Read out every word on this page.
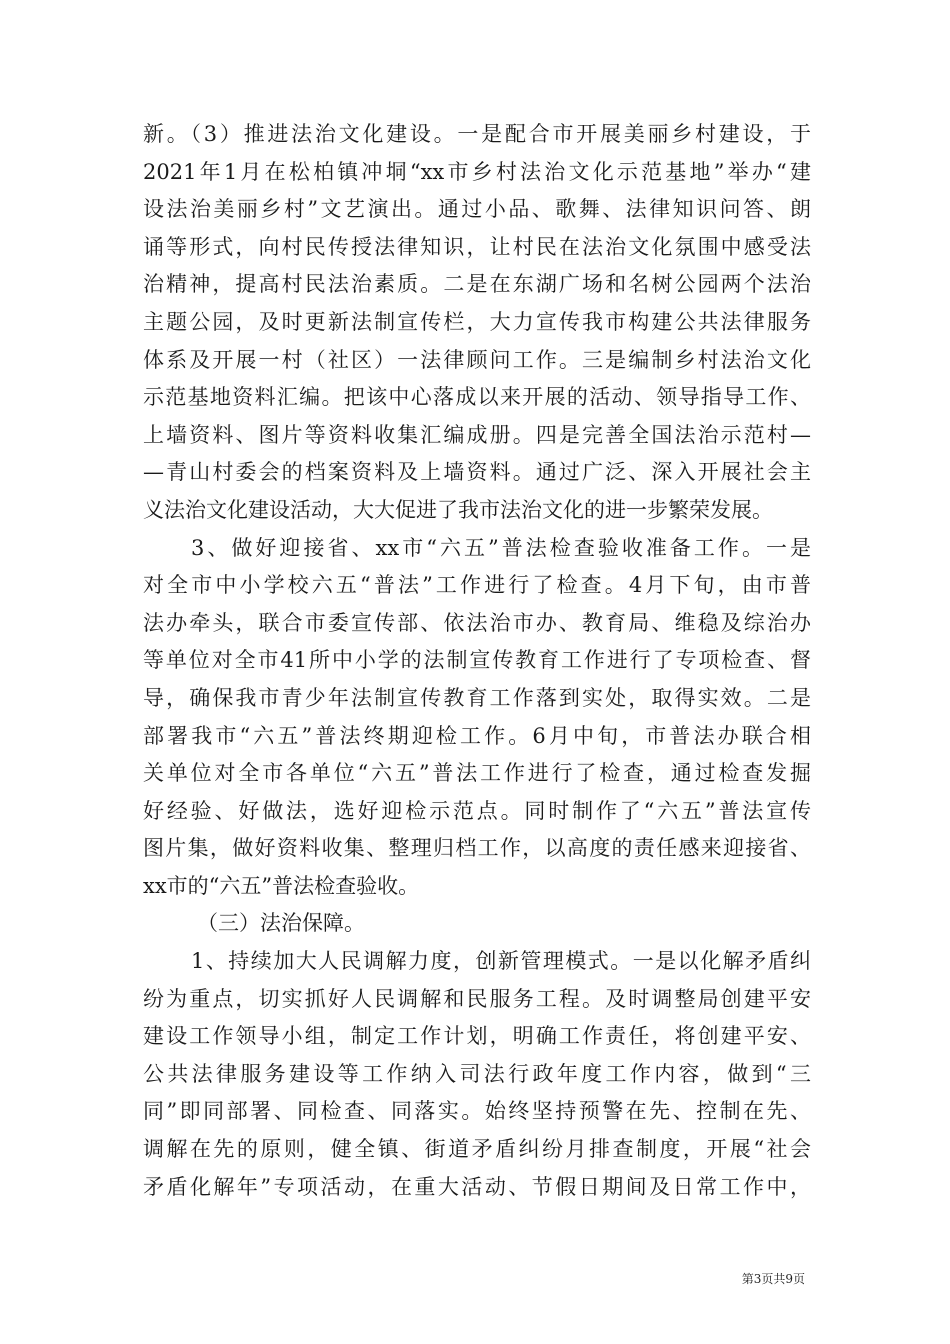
新。（3）推进法治文化建设。一是配合市开展美丽乡村建设，于
2021年1月在松柏镇冲垌“xx市乡村法治文化示范基地”举办“建
设法治美丽乡村”文艺演出。通过小品、歌舞、法律知识问答、朗
诵等形式，向村民传授法律知识，让村民在法治文化氛围中感受法
治精神，提高村民法治素质。二是在东湖广场和名树公园两个法治
主题公园，及时更新法制宣传栏，大力宣传我市构建公共法律服务
体系及开展一村（社区）一法律顾问工作。三是编制乡村法治文化
示范基地资料汇编。把该中心落成以来开展的活动、领导指导工作、
上墙资料、图片等资料收集汇编成册。四是完善全国法治示范村—
—青山村委会的档案资料及上墙资料。通过广泛、深入开展社会主
义法治文化建设活动，大大促进了我市法治文化的进一步繁荣发展。
3、做好迎接省、xx市“六五”普法检查验收准备工作。一是
对全市中小学校六五“普法”工作进行了检查。4月下旬，由市普
法办牵头，联合市委宣传部、依法治市办、教育局、维稳及综治办
等单位对全市41所中小学的法制宣传教育工作进行了专项检查、督
导，确保我市青少年法制宣传教育工作落到实处，取得实效。二是
部署我市“六五”普法终期迎检工作。6月中旬，市普法办联合相
关单位对全市各单位“六五”普法工作进行了检查，通过检查发掘
好经验、好做法，选好迎检示范点。同时制作了“六五”普法宣传
图片集，做好资料收集、整理归档工作，以高度的责任感来迎接省、
xx市的“六五”普法检查验收。
（三）法治保障。
1、持续加大人民调解力度，创新管理模式。一是以化解矛盾纠
纷为重点，切实抓好人民调解和民服务工程。及时调整局创建平安
建设工作领导小组，制定工作计划，明确工作责任，将创建平安、
公共法律服务建设等工作纳入司法行政年度工作内容，做到“三
同”即同部署、同检查、同落实。始终坚持预警在先、控制在先、
调解在先的原则，健全镇、街道矛盾纠纷月排查制度，开展“社会
矛盾化解年”专项活动，在重大活动、节假日期间及日常工作中，
第3页共9页
